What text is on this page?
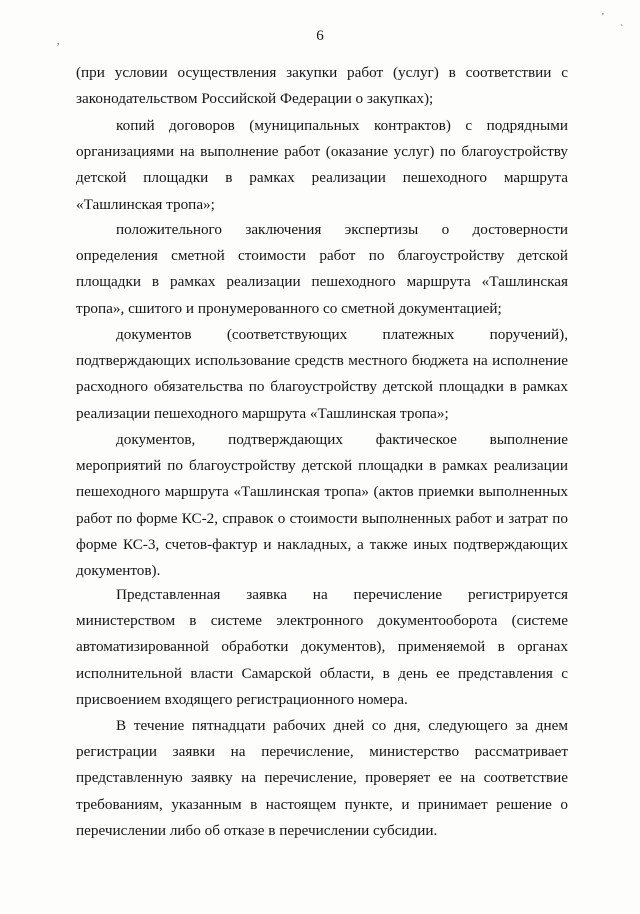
6
,
'
`

(при условии осуществления закупки работ (услуг) в соответствии с законодательством Российской Федерации о закупках);

копий договоров (муниципальных контрактов) с подрядными организациями на выполнение работ (оказание услуг) по благоустройству детской площадки в рамках реализации пешеходного маршрута «Ташлинская тропа»;

положительного заключения экспертизы о достоверности определения сметной стоимости работ по благоустройству детской площадки в рамках реализации пешеходного маршрута «Ташлинская тропа», сшитого и пронумерованного со сметной документацией;

документов (соответствующих платежных поручений), подтверждающих использование средств местного бюджета на исполнение расходного обязательства по благоустройству детской площадки в рамках реализации пешеходного маршрута «Ташлинская тропа»;

документов, подтверждающих фактическое выполнение мероприятий по благоустройству детской площадки в рамках реализации пешеходного маршрута «Ташлинская тропа» (актов приемки выполненных работ по форме КС-2, справок о стоимости выполненных работ и затрат по форме КС-3, счетов-фактур и накладных, а также иных подтверждающих документов).

Представленная заявка на перечисление регистрируется министерством в системе электронного документооборота (системе автоматизированной обработки документов), применяемой в органах исполнительной власти Самарской области, в день ее представления с присвоением входящего регистрационного номера.

В течение пятнадцати рабочих дней со дня, следующего за днем регистрации заявки на перечисление, министерство рассматривает представленную заявку на перечисление, проверяет ее на соответствие требованиям, указанным в настоящем пункте, и принимает решение о перечислении либо об отказе в перечислении субсидии.
